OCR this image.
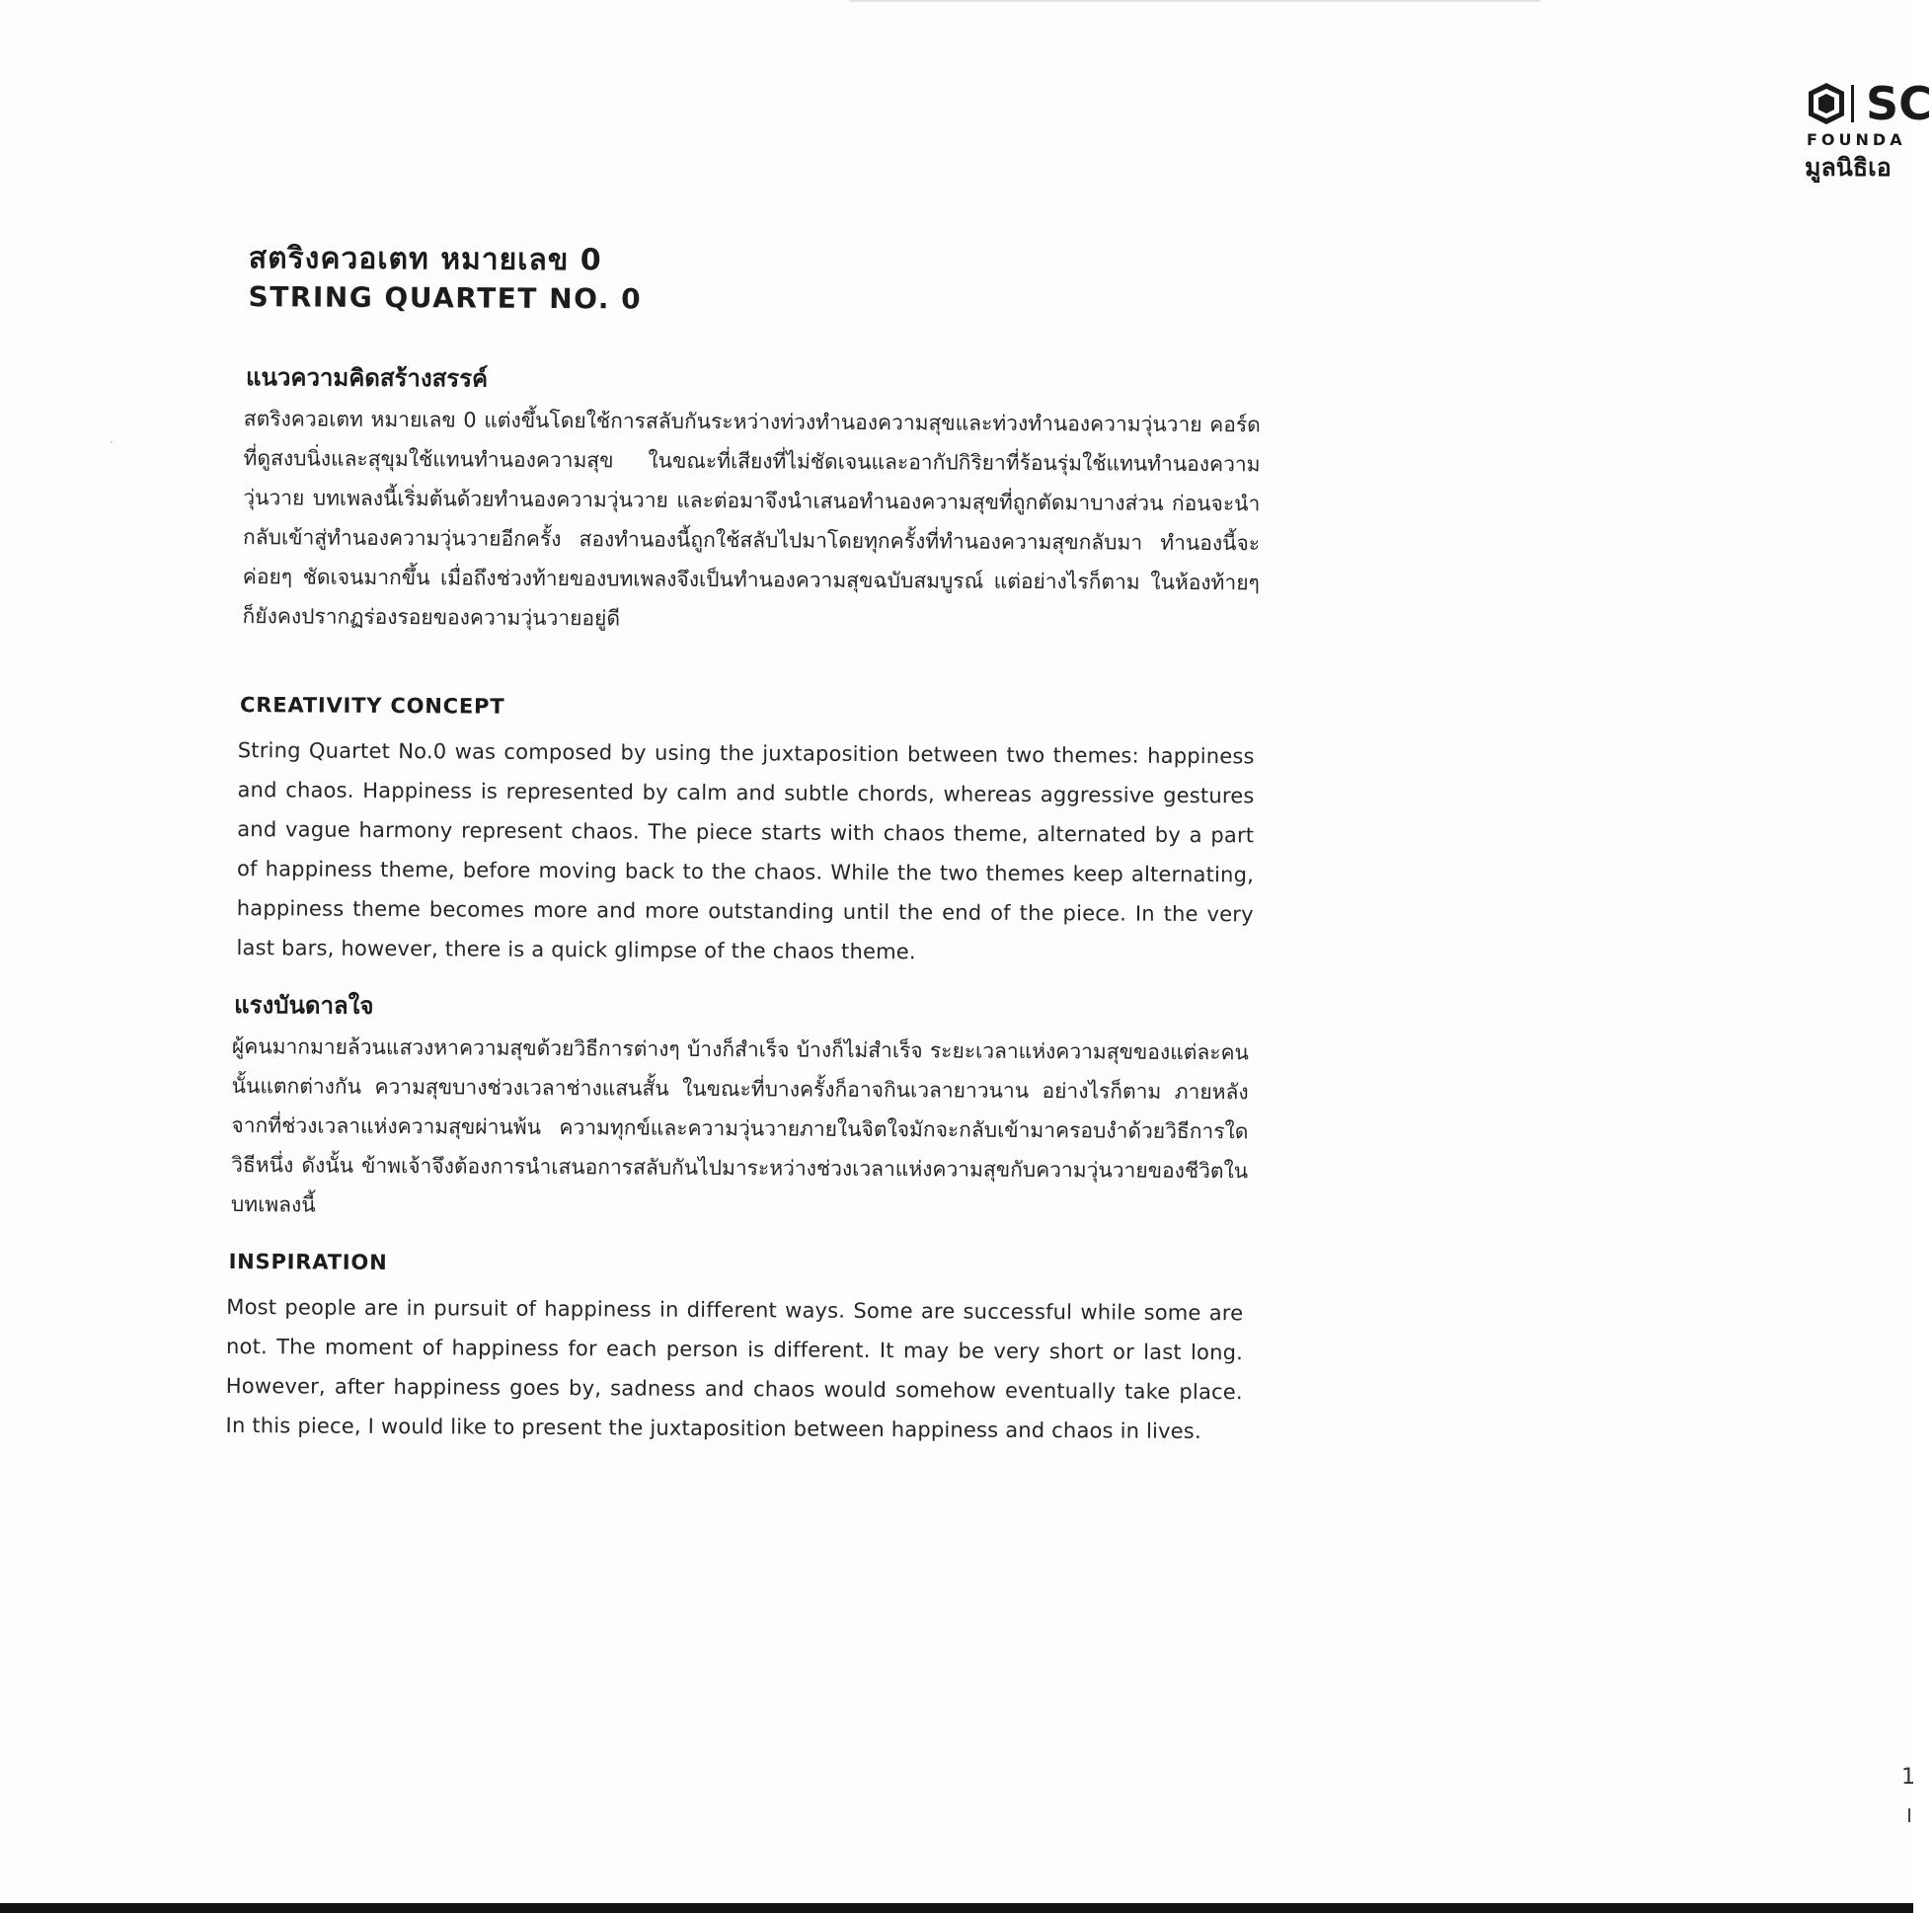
SC
FOUNDA
มูลนิธิเอ
สตริงควอเตท หมายเลข 0
STRING QUARTET NO. 0
แนวความคิดสร้างสรรค์
สตริงควอเตท หมายเลข 0 แต่งขึ้นโดยใช้การสลับกันระหว่างท่วงทำนองความสุขและท่วงทำนองความวุ่นวาย คอร์ดที่ดูสงบนิ่งและสุขุมใช้แทนทำนองความสุข ในขณะที่เสียงที่ไม่ชัดเจนและอากัปกิริยาที่ร้อนรุ่มใช้แทนทำนองความวุ่นวาย บทเพลงนี้เริ่มต้นด้วยทำนองความวุ่นวาย และต่อมาจึงนำเสนอทำนองความสุขที่ถูกตัดมาบางส่วน ก่อนจะนำกลับเข้าสู่ทำนองความวุ่นวายอีกครั้ง สองทำนองนี้ถูกใช้สลับไปมาโดยทุกครั้งที่ทำนองความสุขกลับมา ทำนองนี้จะค่อยๆ ชัดเจนมากขึ้น เมื่อถึงช่วงท้ายของบทเพลงจึงเป็นทำนองความสุขฉบับสมบูรณ์ แต่อย่างไรก็ตาม ในห้องท้ายๆ ก็ยังคงปรากฏร่องรอยของความวุ่นวายอยู่ดี
CREATIVITY CONCEPT
String Quartet No.0 was composed by using the juxtaposition between two themes: happiness and chaos. Happiness is represented by calm and subtle chords, whereas aggressive gestures and vague harmony represent chaos. The piece starts with chaos theme, alternated by a part of happiness theme, before moving back to the chaos. While the two themes keep alternating, happiness theme becomes more and more outstanding until the end of the piece. In the very last bars, however, there is a quick glimpse of the chaos theme.
แรงบันดาลใจ
ผู้คนมากมายล้วนแสวงหาความสุขด้วยวิธีการต่างๆ บ้างก็สำเร็จ บ้างก็ไม่สำเร็จ ระยะเวลาแห่งความสุขของแต่ละคนนั้นแตกต่างกัน ความสุขบางช่วงเวลาช่างแสนสั้น ในขณะที่บางครั้งก็อาจกินเวลายาวนาน อย่างไรก็ตาม ภายหลังจากที่ช่วงเวลาแห่งความสุขผ่านพ้น ความทุกข์และความวุ่นวายภายในจิตใจมักจะกลับเข้ามาครอบงำด้วยวิธีการใดวิธีหนึ่ง ดังนั้น ข้าพเจ้าจึงต้องการนำเสนอการสลับกันไปมาระหว่างช่วงเวลาแห่งความสุขกับความวุ่นวายของชีวิตในบทเพลงนี้
INSPIRATION
Most people are in pursuit of happiness in different ways. Some are successful while some are not. The moment of happiness for each person is different. It may be very short or last long. However, after happiness goes by, sadness and chaos would somehow eventually take place. In this piece, I would like to present the juxtaposition between happiness and chaos in lives.
1
